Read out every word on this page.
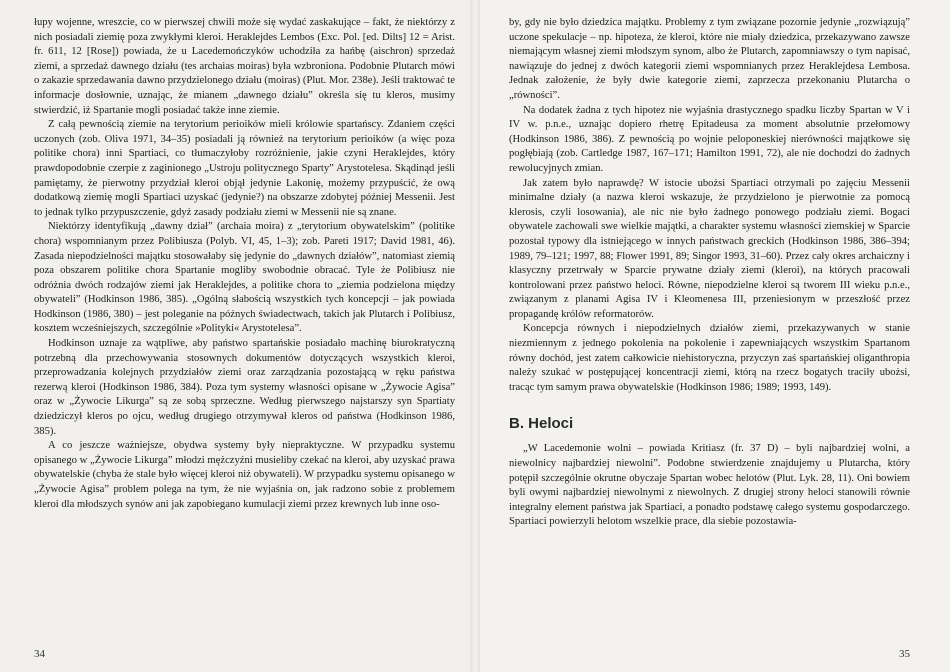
łupy wojenne, wreszcie, co w pierwszej chwili może się wydać zaskakujące – fakt, że niektórzy z nich posiadali ziemię poza zwykłymi kleroi. Heraklejdes Lembos (Exc. Pol. [ed. Dilts] 12 = Arist. fr. 611, 12 [Rose]) powiada, że u Lacedemończyków uchodziła za hańbę (aischron) sprzedaż ziemi, a sprzedaż dawnego działu (tes archaias moiras) była wzbroniona. Podobnie Plutarch mówi o zakazie sprzedawania dawno przydzielonego działu (moiras) (Plut. Mor. 238e). Jeśli traktować te informacje dosłownie, uznając, że mianem „dawnego działu” określa się tu kleros, musimy stwierdzić, iż Spartanie mogli posiadać także inne ziemie.

Z całą pewnością ziemie na terytorium perioików mieli królowie spartańscy. Zdaniem części uczonych (zob. Oliva 1971, 34–35) posiadali ją również na terytorium perioików (a więc poza politike chora) inni Spartiaci, co tłumaczyłoby rozróżnienie, jakie czyni Heraklejdes, który prawdopodobnie czerpie z zaginionego „Ustroju politycznego Sparty” Arystotelesa. Skądinąd jeśli pamiętamy, że pierwotny przydział kleroi objął jedynie Lakonię, możemy przypuścić, że ową dodatkową ziemię mogli Spartiaci uzyskać (jedynie?) na obszarze zdobytej później Messenii. Jest to jednak tylko przypuszczenie, gdyż zasady podziału ziemi w Messenii nie są znane.

Niektórzy identyfikują „dawny dział” (archaia moira) z „terytorium obywatelskim” (politike chora) wspomnianym przez Polibiusza (Polyb. VI, 45, 1–3); zob. Pareti 1917; David 1981, 46). Zasada niepodzielności majątku stosowałaby się jedynie do „dawnych działów”, natomiast ziemią poza obszarem politike chora Spartanie mogliby swobodnie obracać. Tyle że Polibiusz nie odróżnia dwóch rodzajów ziemi jak Heraklejdes, a politike chora to „ziemia podzielona między obywateli” (Hodkinson 1986, 385). „Ogólną słabością wszystkich tych koncepcji – jak powiada Hodkinson (1986, 380) – jest poleganie na późnych świadectwach, takich jak Plutarch i Polibiusz, kosztem wcześniejszych, szczególnie »Polityki« Arystotelesa”.

Hodkinson uznaje za wątpliwe, aby państwo spartańskie posiadało machinę biurokratyczną potrzebną dla przechowywania stosownych dokumentów dotyczących wszystkich kleroi, przeprowadzania kolejnych przydziałów ziemi oraz zarządzania pozostającą w ręku państwa rezerwą kleroi (Hodkinson 1986, 384). Poza tym systemy własności opisane w „Żywocie Agisa” oraz w „Żywocie Likurga” są ze sobą sprzeczne. Według pierwszego najstarszy syn Spartiaty dziedziczył kleros po ojcu, według drugiego otrzymywał kleros od państwa (Hodkinson 1986, 385).

A co jeszcze ważniejsze, obydwa systemy były niepraktyczne. W przypadku systemu opisanego w „Żywocie Likurga” młodzi mężczyźni musieliby czekać na kleroi, aby uzyskać prawa obywatelskie (chyba że stale było więcej kleroi niż obywateli). W przypadku systemu opisanego w „Żywocie Agisa” problem polega na tym, że nie wyjaśnia on, jak radzono sobie z problemem kleroi dla młodszych synów ani jak zapobiegano kumulacji ziemi przez krewnych lub inne oso-

34

by, gdy nie było dziedzica majątku. Problemy z tym związane pozornie jedynie „rozwiązują” uczone spekulacje – np. hipoteza, że kleroi, które nie miały dziedzica, przekazywano zawsze niemającym własnej ziemi młodszym synom, albo że Plutarch, zapomniawszy o tym napisać, nawiązuje do jednej z dwóch kategorii ziemi wspomnianych przez Heraklejdesa Lembosa. Jednak założenie, że były dwie kategorie ziemi, zaprzecza przekonaniu Plutarcha o „równości”.

Na dodatek żadna z tych hipotez nie wyjaśnia drastycznego spadku liczby Spartan w V i IV w. p.n.e., uznając dopiero rhetrę Epitadeusa za moment absolutnie przełomowy (Hodkinson 1986, 386). Z pewnością po wojnie peloponeskiej nierówności majątkowe się pogłębiają (zob. Cartledge 1987, 167–171; Hamilton 1991, 72), ale nie dochodzi do żadnych rewolucyjnych zmian.

Jak zatem było naprawdę? W istocie ubożsi Spartiaci otrzymali po zajęciu Messenii minimalne działy (a nazwa kleroi wskazuje, że przydzielono je pierwotnie za pomocą klerosis, czyli losowania), ale nic nie było żadnego ponowego podziału ziemi. Bogaci obywatele zachowali swe wielkie majątki, a charakter systemu własności ziemskiej w Sparcie pozostał typowy dla istniejącego w innych państwach greckich (Hodkinson 1986, 386–394; 1989, 79–121; 1997, 88; Flower 1991, 89; Singor 1993, 31–60). Przez cały okres archaiczny i klasyczny przetrwały w Sparcie prywatne działy ziemi (kleroi), na których pracowali kontrolowani przez państwo heloci. Równe, niepodzielne kleroi są tworem III wieku p.n.e., związanym z planami Agisa IV i Kleomenesa III, przeniesionym w przeszłość przez propagandę królów reformatorów.

Koncepcja równych i niepodzielnych działów ziemi, przekazywanych w stanie niezmiennym z jednego pokolenia na pokolenie i zapewniających wszystkim Spartanom równy dochód, jest zatem całkowicie niehistoryczna, przyczyn zaś spartańskiej oliganthropia należy szukać w postępującej koncentracji ziemi, którą na rzecz bogatych traciły ubożsi, tracąc tym samym prawa obywatelskie (Hodkinson 1986; 1989; 1993, 149).

B. Heloci

„W Lacedemonie wolni – powiada Kritiasz (fr. 37 D) – byli najbardziej wolni, a niewolnicy najbardziej niewolni”. Podobne stwierdzenie znajdujemy u Plutarcha, który potępił szczególnie okrutne obyczaje Spartan wobec helotów (Plut. Lyk. 28, 11). Oni bowiem byli owymi najbardziej niewolnymi z niewolnych. Z drugiej strony heloci stanowili równie integralny element państwa jak Spartiaci, a ponadto podstawę całego systemu gospodarczego. Spartiaci powierzyli helotom wszelkie prace, dla siebie pozostawia-

35
